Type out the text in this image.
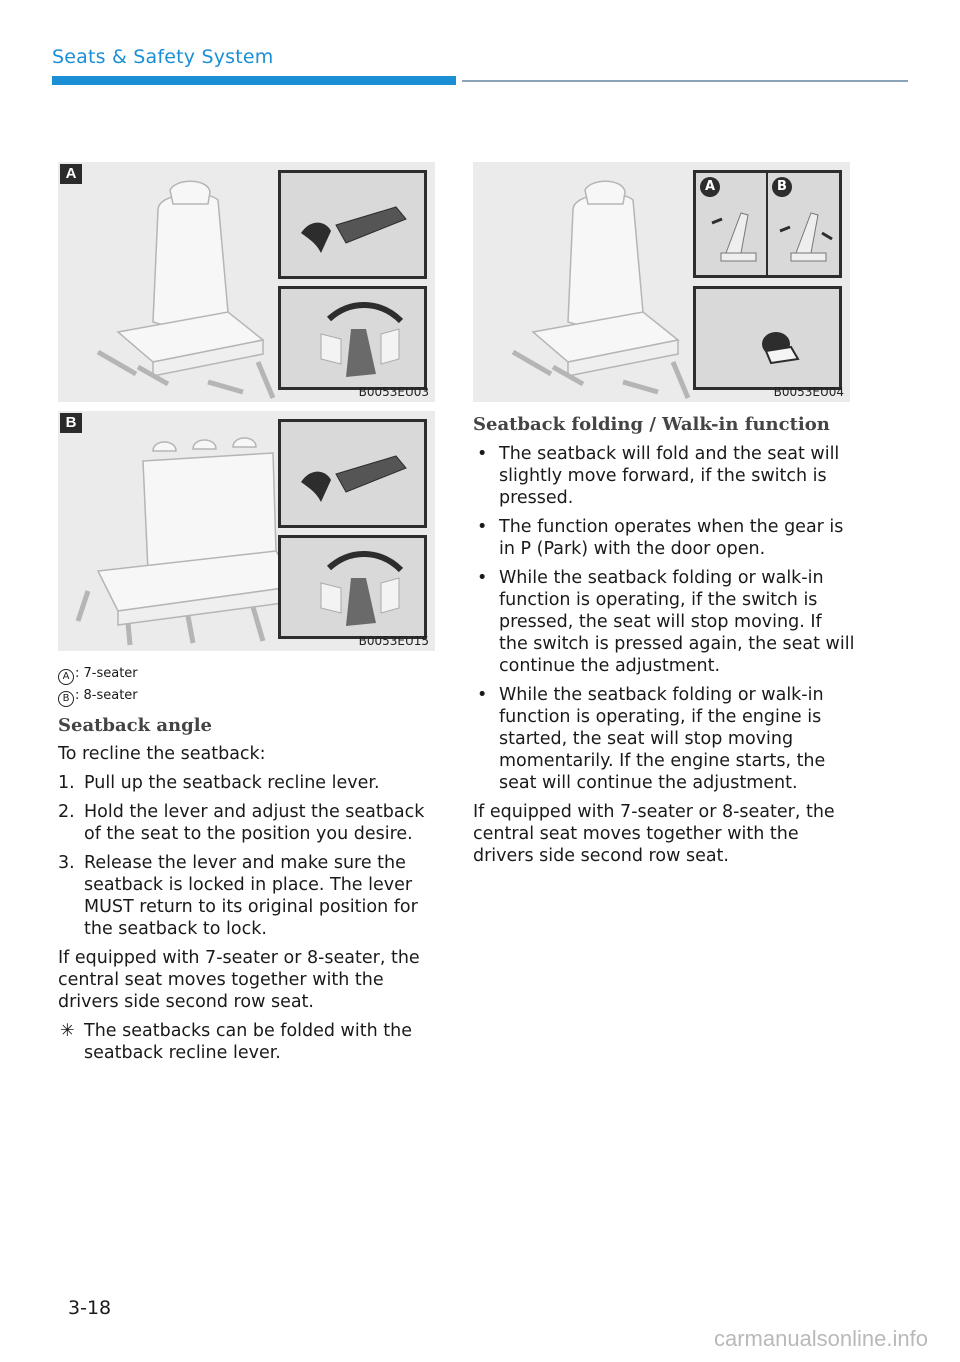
Seats & Safety System
B0053EU03
A
B0053EU15
B
A	B
B0053EU04

A : 7-seater

B : 8-seater

Seatback angle

To recline the seatback:

1. Pull up the seatback recline lever.
2. Hold the lever and adjust the seatback of the seat to the position you desire.
3. Release the lever and make sure the seatback is locked in place. The lever MUST return to its original position for the seatback to lock.

If equipped with 7-seater or 8-seater, the central seat moves together with the drivers side second row seat.

✳ The seatbacks can be folded with the seatback recline lever.

Seatback folding / Walk-in function

• The seatback will fold and the seat will slightly move forward, if the switch is pressed.
• The function operates when the gear is in P (Park) with the door open.
• While the seatback folding or walk-in function is operating, if the switch is pressed, the seat will stop moving. If the switch is pressed again, the seat will continue the adjustment.
• While the seatback folding or walk-in function is operating, if the engine is started, the seat will stop moving momentarily. If the engine starts, the seat will continue the adjustment.

If equipped with 7-seater or 8-seater, the central seat moves together with the drivers side second row seat.

3-18
carmanualsonline.info
